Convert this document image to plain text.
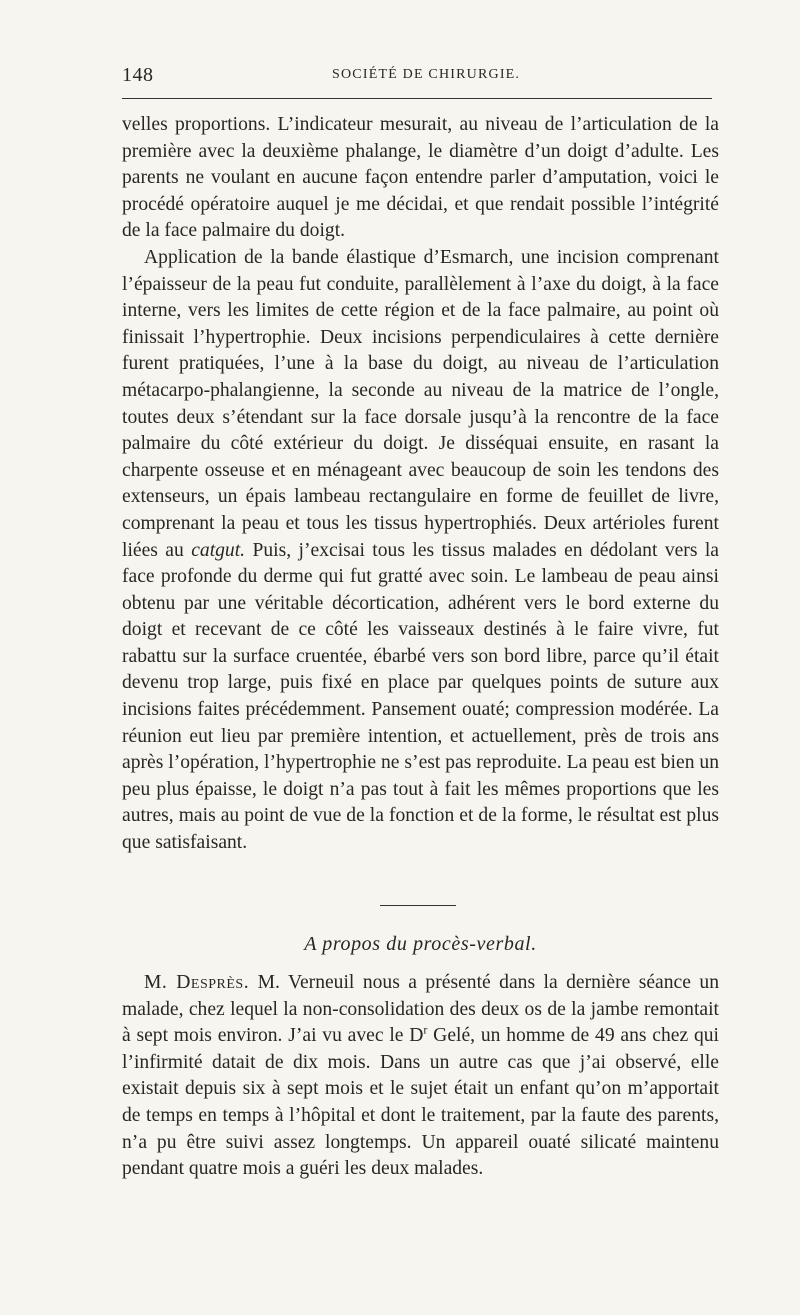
148	SOCIÉTÉ DE CHIRURGIE.

velles proportions. L’indicateur mesurait, au niveau de l’articulation de la première avec la deuxième phalange, le diamètre d’un doigt d’adulte. Les parents ne voulant en aucune façon entendre parler d’amputation, voici le procédé opératoire auquel je me décidai, et que rendait possible l’intégrité de la face palmaire du doigt.

Application de la bande élastique d’Esmarch, une incision comprenant l’épaisseur de la peau fut conduite, parallèlement à l’axe du doigt, à la face interne, vers les limites de cette région et de la face palmaire, au point où finissait l’hypertrophie. Deux incisions perpendiculaires à cette dernière furent pratiquées, l’une à la base du doigt, au niveau de l’articulation métacarpo-phalangienne, la seconde au niveau de la matrice de l’ongle, toutes deux s’étendant sur la face dorsale jusqu’à la rencontre de la face palmaire du côté extérieur du doigt. Je disséquai ensuite, en rasant la charpente osseuse et en ménageant avec beaucoup de soin les tendons des extenseurs, un épais lambeau rectangulaire en forme de feuillet de livre, comprenant la peau et tous les tissus hypertrophiés. Deux artérioles furent liées au catgut. Puis, j’excisai tous les tissus malades en dédolant vers la face profonde du derme qui fut gratté avec soin. Le lambeau de peau ainsi obtenu par une véritable décortication, adhérent vers le bord externe du doigt et recevant de ce côté les vaisseaux destinés à le faire vivre, fut rabattu sur la surface cruentée, ébarbé vers son bord libre, parce qu’il était devenu trop large, puis fixé en place par quelques points de suture aux incisions faites précédemment. Pansement ouaté; compression modérée. La réunion eut lieu par première intention, et actuellement, près de trois ans après l’opération, l’hypertrophie ne s’est pas reproduite. La peau est bien un peu plus épaisse, le doigt n’a pas tout à fait les mêmes proportions que les autres, mais au point de vue de la fonction et de la forme, le résultat est plus que satisfaisant.

A propos du procès-verbal.

M. Desprès. M. Verneuil nous a présenté dans la dernière séance un malade, chez lequel la non-consolidation des deux os de la jambe remontait à sept mois environ. J’ai vu avec le $D^r$ Gelé, un homme de 49 ans chez qui l’infirmité datait de dix mois. Dans un autre cas que j’ai observé, elle existait depuis six à sept mois et le sujet était un enfant qu’on m’apportait de temps en temps à l’hôpital et dont le traitement, par la faute des parents, n’a pu être suivi assez longtemps. Un appareil ouaté silicaté maintenu pendant quatre mois a guéri les deux malades.
